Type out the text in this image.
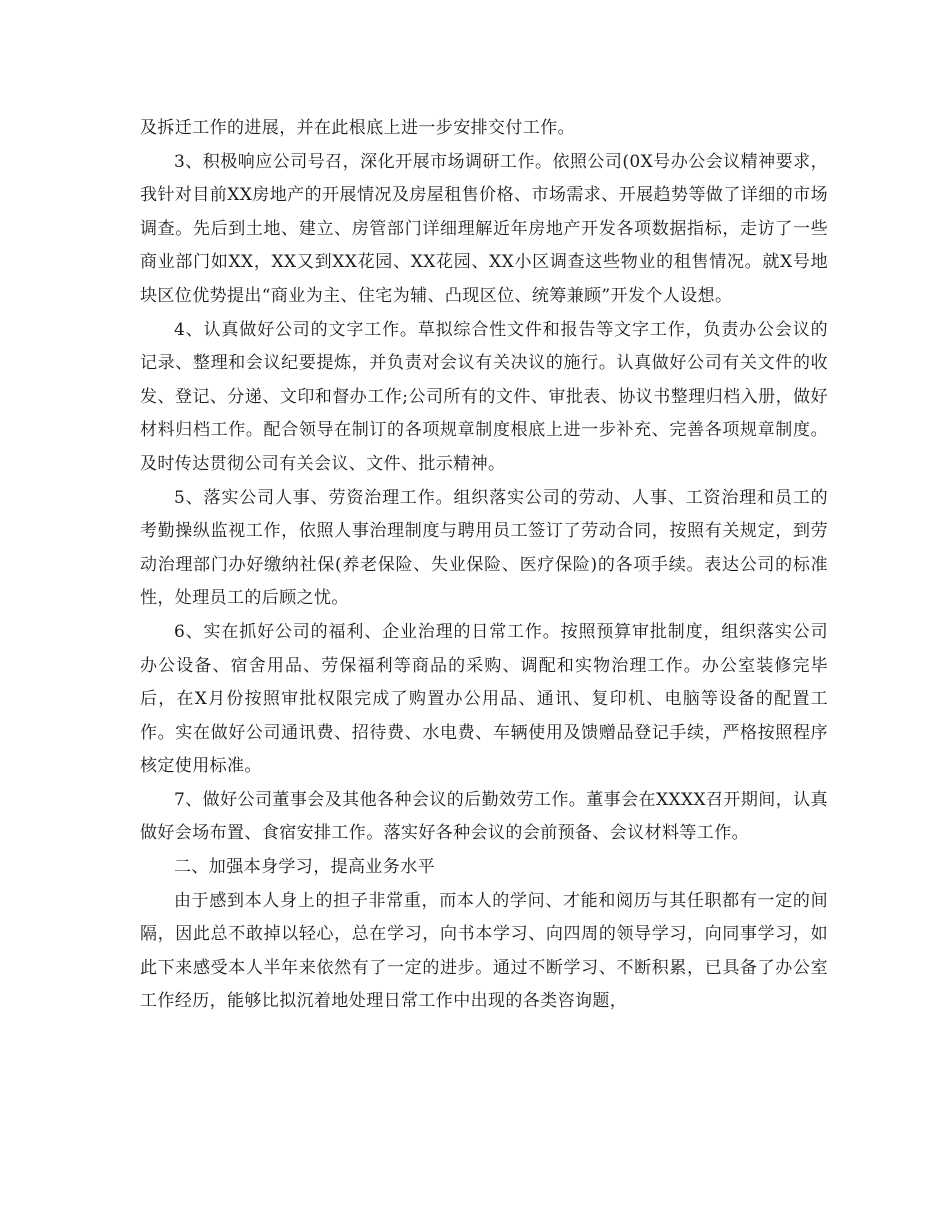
及拆迁工作的进展，并在此根底上进一步安排交付工作。

3、积极响应公司号召，深化开展市场调研工作。依照公司(0X号办公会议精神要求，我针对目前XX房地产的开展情况及房屋租售价格、市场需求、开展趋势等做了详细的市场调查。先后到土地、建立、房管部门详细理解近年房地产开发各项数据指标，走访了一些商业部门如XX，XX又到XX花园、XX花园、XX小区调查这些物业的租售情况。就X号地块区位优势提出“商业为主、住宅为辅、凸现区位、统筹兼顾”开发个人设想。

4、认真做好公司的文字工作。草拟综合性文件和报告等文字工作，负责办公会议的记录、整理和会议纪要提炼，并负责对会议有关决议的施行。认真做好公司有关文件的收发、登记、分递、文印和督办工作;公司所有的文件、审批表、协议书整理归档入册，做好材料归档工作。配合领导在制订的各项规章制度根底上进一步补充、完善各项规章制度。及时传达贯彻公司有关会议、文件、批示精神。

5、落实公司人事、劳资治理工作。组织落实公司的劳动、人事、工资治理和员工的考勤操纵监视工作，依照人事治理制度与聘用员工签订了劳动合同，按照有关规定，到劳动治理部门办好缴纳社保(养老保险、失业保险、医疗保险)的各项手续。表达公司的标准性，处理员工的后顾之忧。

6、实在抓好公司的福利、企业治理的日常工作。按照预算审批制度，组织落实公司办公设备、宿舍用品、劳保福利等商品的采购、调配和实物治理工作。办公室装修完毕后，在X月份按照审批权限完成了购置办公用品、通讯、复印机、电脑等设备的配置工作。实在做好公司通讯费、招待费、水电费、车辆使用及馈赠品登记手续，严格按照程序核定使用标准。

7、做好公司董事会及其他各种会议的后勤效劳工作。董事会在XXXX召开期间，认真做好会场布置、食宿安排工作。落实好各种会议的会前预备、会议材料等工作。

二、加强本身学习，提高业务水平

由于感到本人身上的担子非常重，而本人的学问、才能和阅历与其任职都有一定的间隔，因此总不敢掉以轻心，总在学习，向书本学习、向四周的领导学习，向同事学习，如此下来感受本人半年来依然有了一定的进步。通过不断学习、不断积累，已具备了办公室工作经历，能够比拟沉着地处理日常工作中出现的各类咨询题，
